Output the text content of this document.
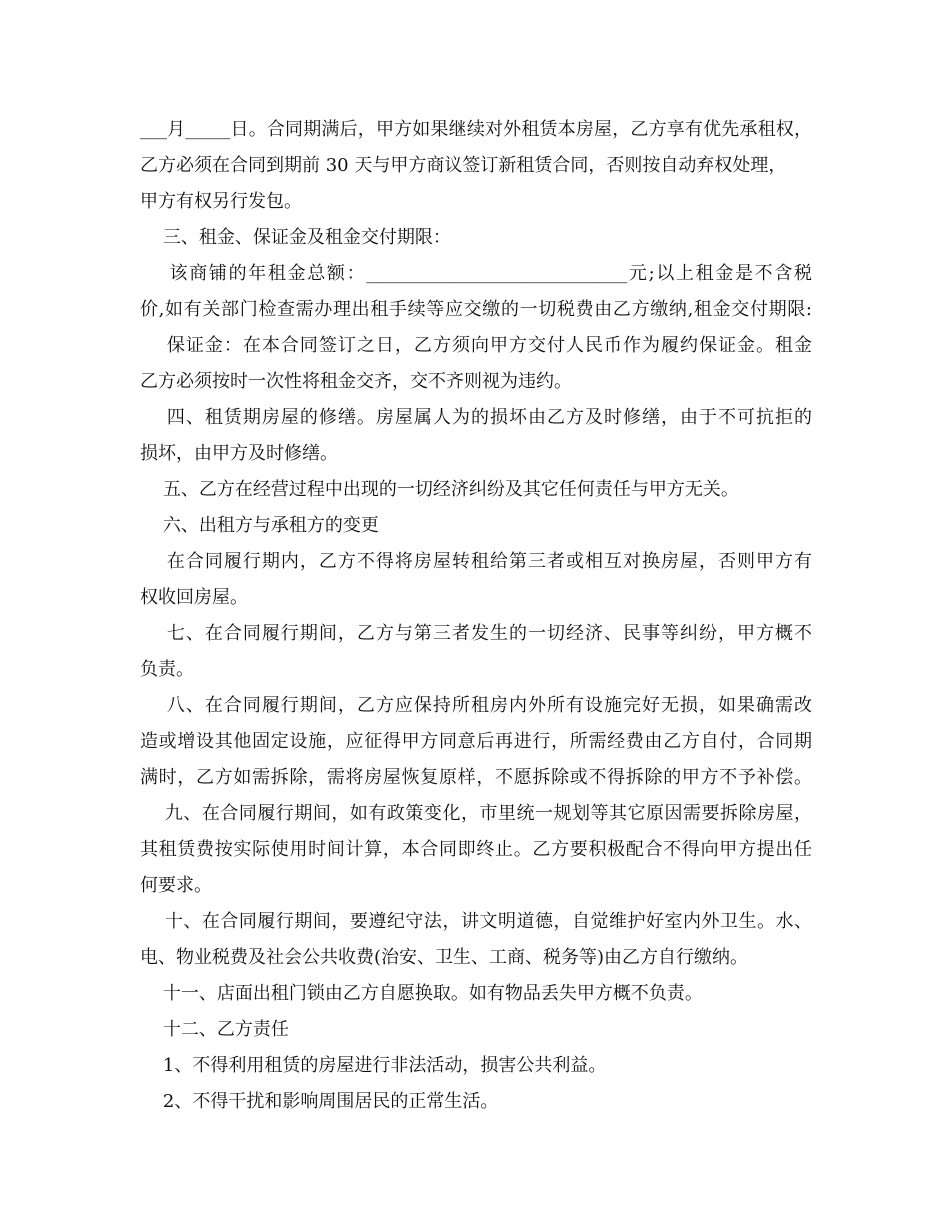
___月_____日。合同期满后，甲方如果继续对外租赁本房屋，乙方享有优先承租权，
乙方必须在合同到期前 30 天与甲方商议签订新租赁合同，否则按自动弃权处理，
甲方有权另行发包。
三、租金、保证金及租金交付期限：
该商铺的年租金总额：_____________________________元;以上租金是不含税
价,如有关部门检查需办理出租手续等应交缴的一切税费由乙方缴纳,租金交付期限:
保证金：在本合同签订之日，乙方须向甲方交付人民币作为履约保证金。租金
乙方必须按时一次性将租金交齐，交不齐则视为违约。
四、租赁期房屋的修缮。房屋属人为的损坏由乙方及时修缮，由于不可抗拒的
损坏，由甲方及时修缮。
五、乙方在经营过程中出现的一切经济纠纷及其它任何责任与甲方无关。
六、出租方与承租方的变更
在合同履行期内，乙方不得将房屋转租给第三者或相互对换房屋，否则甲方有
权收回房屋。
七、在合同履行期间，乙方与第三者发生的一切经济、民事等纠纷，甲方概不
负责。
八、在合同履行期间，乙方应保持所租房内外所有设施完好无损，如果确需改
造或增设其他固定设施，应征得甲方同意后再进行，所需经费由乙方自付，合同期
满时，乙方如需拆除，需将房屋恢复原样，不愿拆除或不得拆除的甲方不予补偿。
九、在合同履行期间，如有政策变化，市里统一规划等其它原因需要拆除房屋，
其租赁费按实际使用时间计算，本合同即终止。乙方要积极配合不得向甲方提出任
何要求。
十、在合同履行期间，要遵纪守法，讲文明道德，自觉维护好室内外卫生。水、
电、物业税费及社会公共收费(治安、卫生、工商、税务等)由乙方自行缴纳。
十一、店面出租门锁由乙方自愿换取。如有物品丢失甲方概不负责。
十二、乙方责任
1、不得利用租赁的房屋进行非法活动，损害公共利益。
2、不得干扰和影响周围居民的正常生活。
